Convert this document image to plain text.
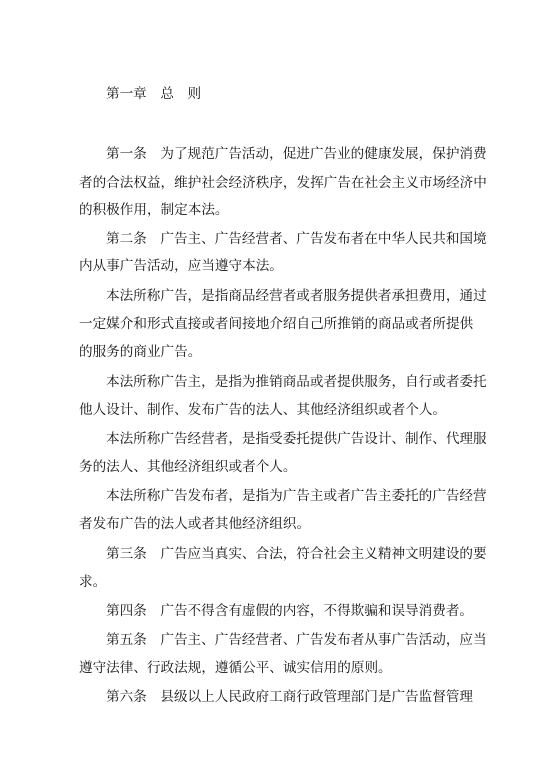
第一章　总　则
第一条　为了规范广告活动，促进广告业的健康发展，保护消费
者的合法权益，维护社会经济秩序，发挥广告在社会主义市场经济中
的积极作用，制定本法。
第二条　广告主、广告经营者、广告发布者在中华人民共和国境
内从事广告活动，应当遵守本法。
本法所称广告，是指商品经营者或者服务提供者承担费用，通过
一定媒介和形式直接或者间接地介绍自己所推销的商品或者所提供
的服务的商业广告。
本法所称广告主，是指为推销商品或者提供服务，自行或者委托
他人设计、制作、发布广告的法人、其他经济组织或者个人。
本法所称广告经营者，是指受委托提供广告设计、制作、代理服
务的法人、其他经济组织或者个人。
本法所称广告发布者，是指为广告主或者广告主委托的广告经营
者发布广告的法人或者其他经济组织。
第三条　广告应当真实、合法，符合社会主义精神文明建设的要
求。
第四条　广告不得含有虚假的内容，不得欺骗和误导消费者。
第五条　广告主、广告经营者、广告发布者从事广告活动，应当
遵守法律、行政法规，遵循公平、诚实信用的原则。
第六条　县级以上人民政府工商行政管理部门是广告监督管理
